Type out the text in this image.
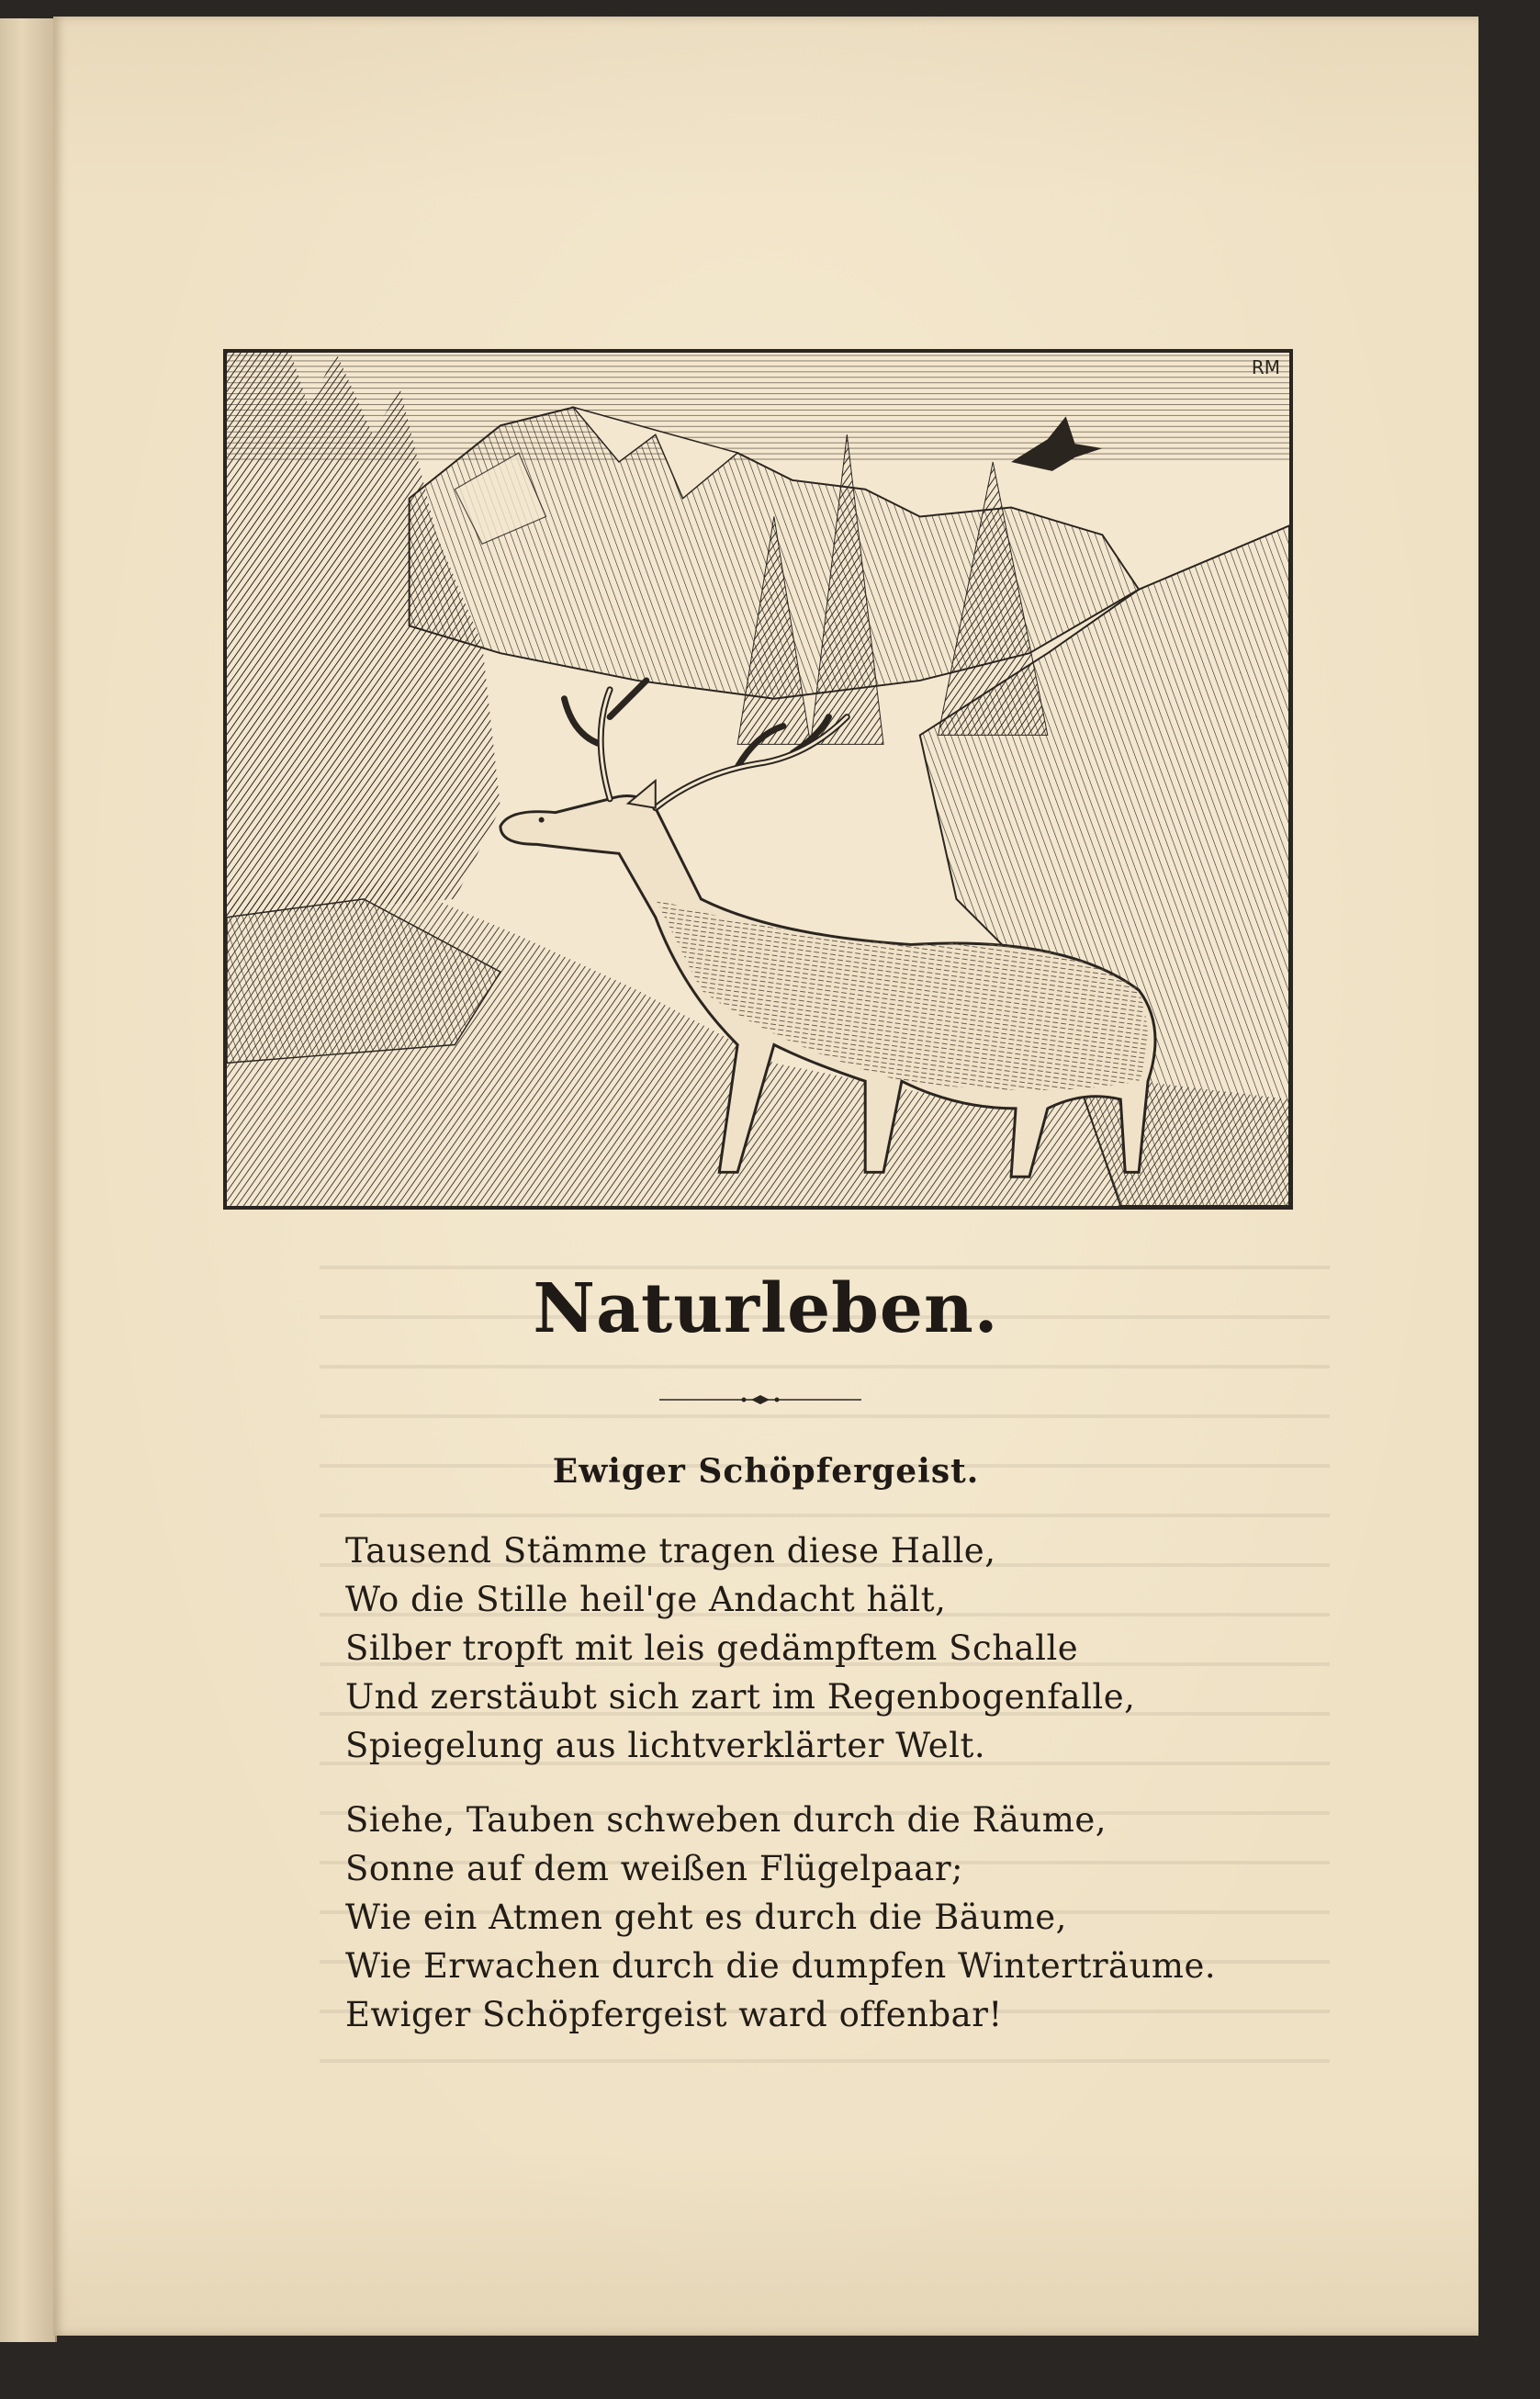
RM
Naturleben.
Ewiger Schöpfergeist.
Tausend Stämme tragen diese Halle,
Wo die Stille heil'ge Andacht hält,
Silber tropft mit leis gedämpftem Schalle
Und zerstäubt sich zart im Regenbogenfalle,
Spiegelung aus lichtverklärter Welt.
Siehe, Tauben schweben durch die Räume,
Sonne auf dem weißen Flügelpaar;
Wie ein Atmen geht es durch die Bäume,
Wie Erwachen durch die dumpfen Winterträume.
Ewiger Schöpfergeist ward offenbar!
